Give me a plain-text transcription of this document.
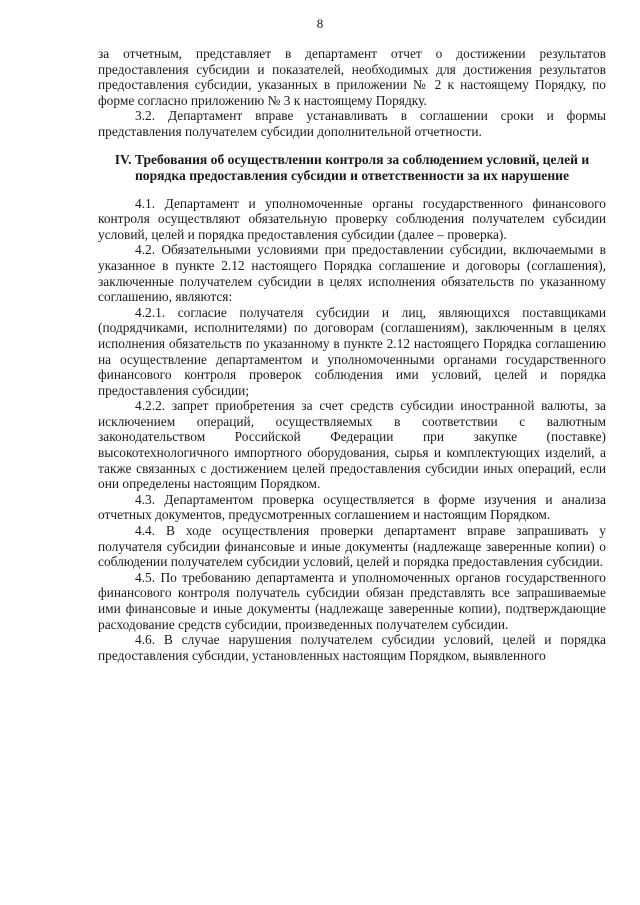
8

за отчетным, представляет в департамент отчет о достижении результатов предоставления субсидии и показателей, необходимых для достижения результатов предоставления субсидии, указанных в приложении № 2 к настоящему Порядку, по форме согласно приложению № 3 к настоящему Порядку.

3.2. Департамент вправе устанавливать в соглашении сроки и формы представления получателем субсидии дополнительной отчетности.

IV. Требования об осуществлении контроля за соблюдением условий, целей и порядка предоставления субсидии и ответственности за их нарушение

4.1. Департамент и уполномоченные органы государственного финансового контроля осуществляют обязательную проверку соблюдения получателем субсидии условий, целей и порядка предоставления субсидии (далее – проверка).

4.2. Обязательными условиями при предоставлении субсидии, включаемыми в указанное в пункте 2.12 настоящего Порядка соглашение и договоры (соглашения), заключенные получателем субсидии в целях исполнения обязательств по указанному соглашению, являются:

4.2.1. согласие получателя субсидии и лиц, являющихся поставщиками (подрядчиками, исполнителями) по договорам (соглашениям), заключенным в целях исполнения обязательств по указанному в пункте 2.12 настоящего Порядка соглашению на осуществление департаментом и уполномоченными органами государственного финансового контроля проверок соблюдения ими условий, целей и порядка предоставления субсидии;

4.2.2. запрет приобретения за счет средств субсидии иностранной валюты, за исключением операций, осуществляемых в соответствии с валютным законодательством Российской Федерации при закупке (поставке) высокотехнологичного импортного оборудования, сырья и комплектующих изделий, а также связанных с достижением целей предоставления субсидии иных операций, если они определены настоящим Порядком.

4.3. Департаментом проверка осуществляется в форме изучения и анализа отчетных документов, предусмотренных соглашением и настоящим Порядком.

4.4. В ходе осуществления проверки департамент вправе запрашивать у получателя субсидии финансовые и иные документы (надлежаще заверенные копии) о соблюдении получателем субсидии условий, целей и порядка предоставления субсидии.

4.5. По требованию департамента и уполномоченных органов государственного финансового контроля получатель субсидии обязан представлять все запрашиваемые ими финансовые и иные документы (надлежаще заверенные копии), подтверждающие расходование средств субсидии, произведенных получателем субсидии.

4.6. В случае нарушения получателем субсидии условий, целей и порядка предоставления субсидии, установленных настоящим Порядком, выявленного
